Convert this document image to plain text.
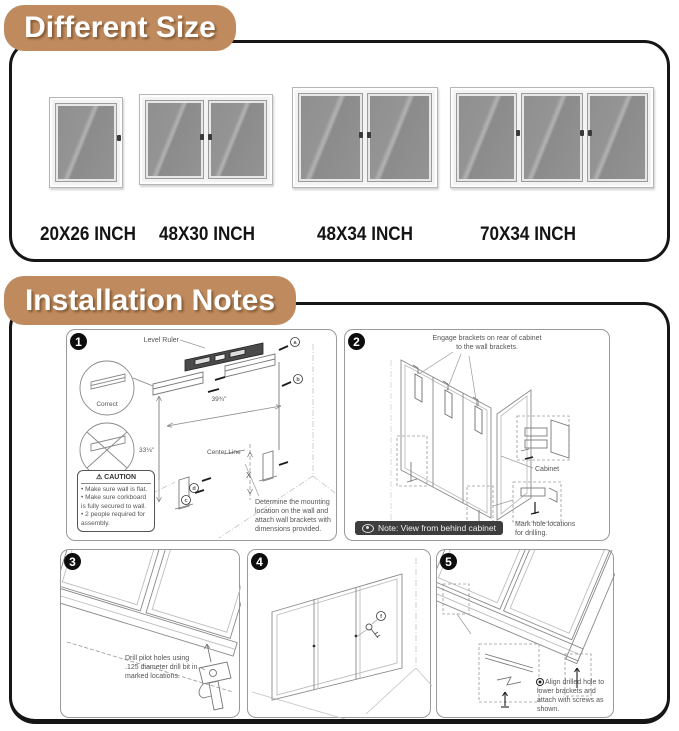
Different Size
20X26 INCH	48X30 INCH	48X34 INCH	70X34 INCH
Installation Notes
1	Level Ruler
Correct
39¾"
33⅛"	Center Line
X
a
b
c
d
⚠ CAUTION
• Make sure wall is flat.
• Make sure corkboard is fully secured to wall.
• 2 people required for assembly.
Determine the mounting location on the wall and attach wall brackets with dimensions provided.
2
Cabinet
Engage brackets on rear of cabinet to the wall brackets.
Mark hole locations for drilling.
Note: View from behind cabinet
3
Drill pilot holes using .125 diameter drill bit in marked locations.
4
f
5
Align drilled hole to lower brackets and attach with screws as shown.
